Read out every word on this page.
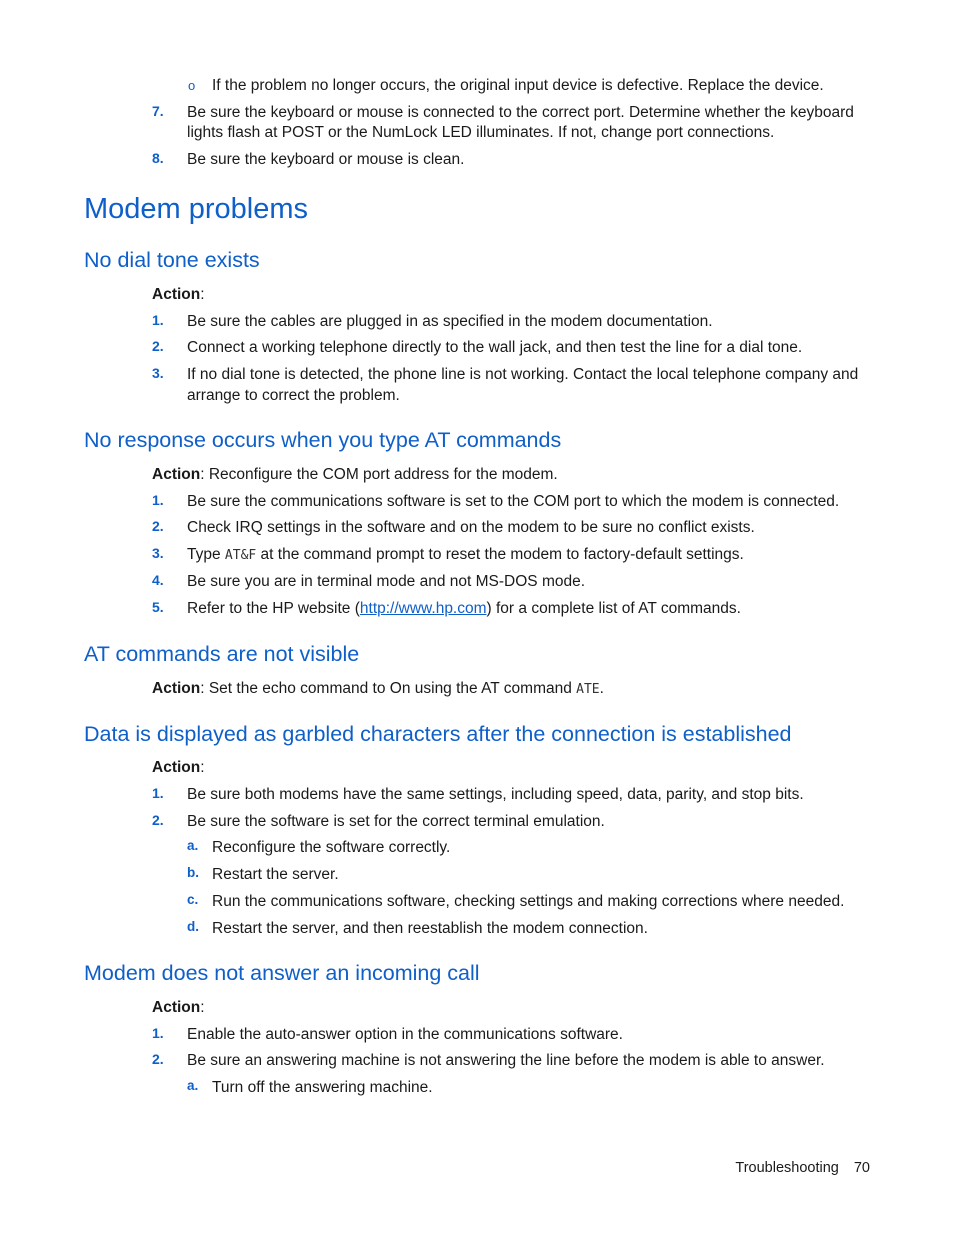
o If the problem no longer occurs, the original input device is defective. Replace the device.
7. Be sure the keyboard or mouse is connected to the correct port. Determine whether the keyboard
lights flash at POST or the NumLock LED illuminates. If not, change port connections.
8. Be sure the keyboard or mouse is clean.
Modem problems
No dial tone exists
Action:
1. Be sure the cables are plugged in as specified in the modem documentation.
2. Connect a working telephone directly to the wall jack, and then test the line for a dial tone.
3. If no dial tone is detected, the phone line is not working. Contact the local telephone company and
arrange to correct the problem.
No response occurs when you type AT commands
Action: Reconfigure the COM port address for the modem.
1. Be sure the communications software is set to the COM port to which the modem is connected.
2. Check IRQ settings in the software and on the modem to be sure no conflict exists.
3. Type AT&F at the command prompt to reset the modem to factory-default settings.
4. Be sure you are in terminal mode and not MS-DOS mode.
5. Refer to the HP website (http://www.hp.com) for a complete list of AT commands.
AT commands are not visible
Action: Set the echo command to On using the AT command ATE.
Data is displayed as garbled characters after the connection is established
Action:
1. Be sure both modems have the same settings, including speed, data, parity, and stop bits.
2. Be sure the software is set for the correct terminal emulation.
a. Reconfigure the software correctly.
b. Restart the server.
c. Run the communications software, checking settings and making corrections where needed.
d. Restart the server, and then reestablish the modem connection.
Modem does not answer an incoming call
Action:
1. Enable the auto-answer option in the communications software.
2. Be sure an answering machine is not answering the line before the modem is able to answer.
a. Turn off the answering machine.
Troubleshooting 70
